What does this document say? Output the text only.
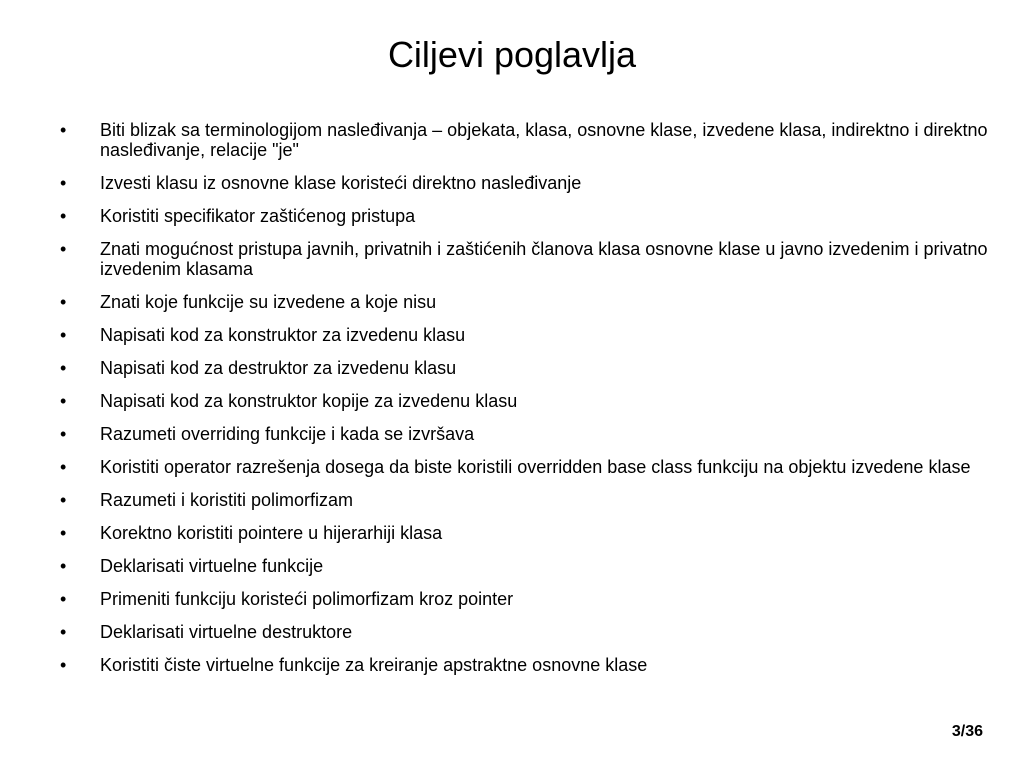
Ciljevi poglavlja
•	Biti blizak sa terminologijom nasleđivanja – objekata, klasa, osnovne klase, izvedene klasa, indirektno i direktno nasleđivanje, relacije "je"
•	Izvesti klasu iz osnovne klase koristeći direktno nasleđivanje
•	Koristiti specifikator zaštićenog pristupa
•	Znati mogućnost pristupa javnih, privatnih i zaštićenih članova klasa osnovne klase u javno izvedenim i privatno izvedenim klasama
•	Znati koje funkcije su izvedene a koje nisu
•	Napisati kod za konstruktor za izvedenu klasu
•	Napisati kod za destruktor za izvedenu klasu
•	Napisati kod za konstruktor kopije za izvedenu klasu
•	Razumeti overriding funkcije i kada se izvršava
•	Koristiti operator razrešenja dosega da biste koristili overridden base class funkciju na objektu izvedene klase
•	Razumeti i koristiti polimorfizam
•	Korektno koristiti pointere u hijerarhiji klasa
•	Deklarisati virtuelne funkcije
•	Primeniti funkciju koristeći polimorfizam kroz pointer
•	Deklarisati virtuelne destruktore
•	Koristiti čiste virtuelne funkcije za kreiranje apstraktne osnovne klase
3/36
